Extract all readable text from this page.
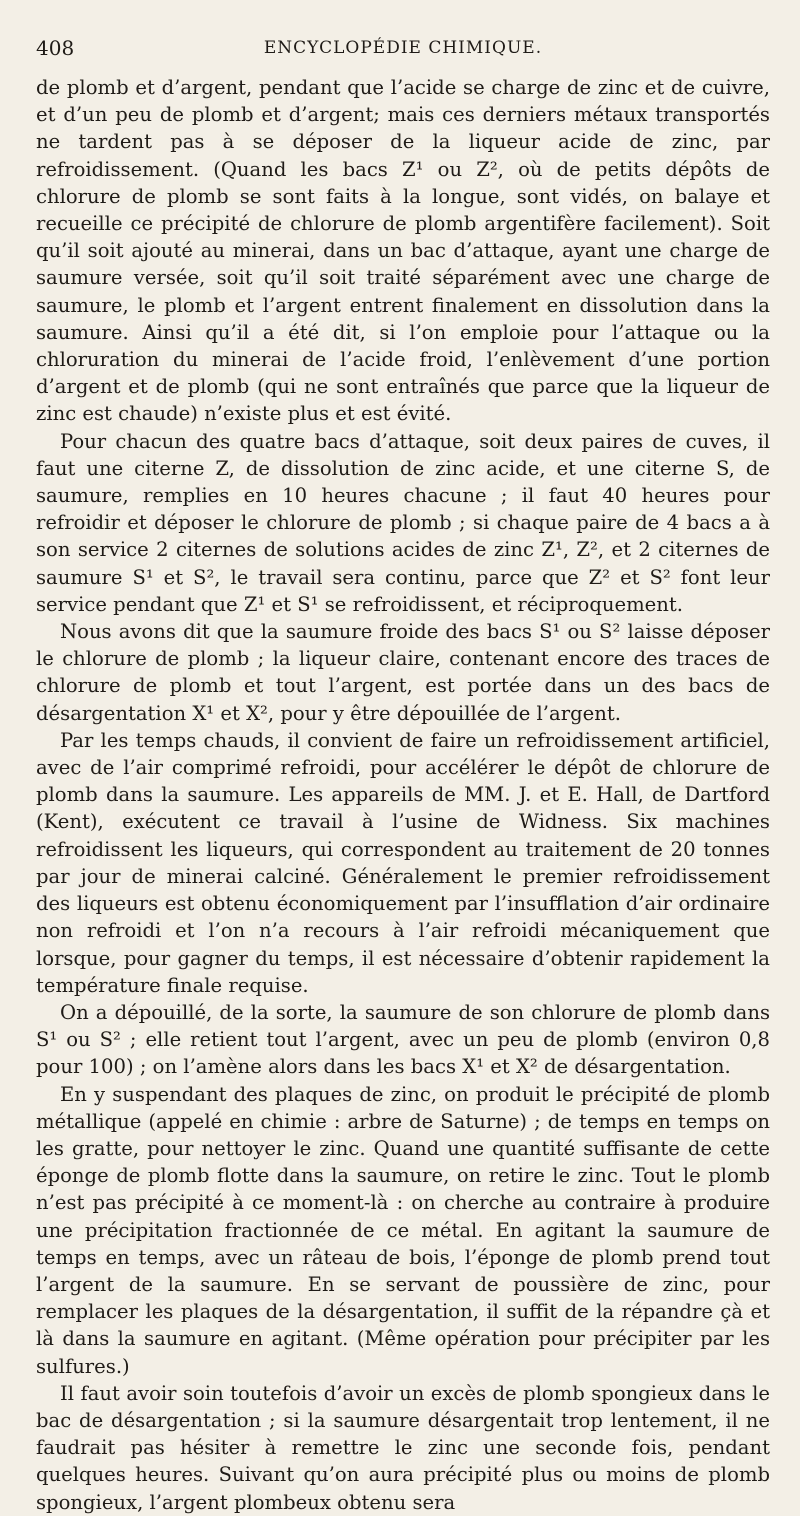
408	ENCYCLOPÉDIE CHIMIQUE.

de plomb et d’argent, pendant que l’acide se charge de zinc et de cuivre, et d’un peu de plomb et d’argent; mais ces derniers métaux transportés ne tardent pas à se déposer de la liqueur acide de zinc, par refroidissement. (Quand les bacs Z¹ ou Z², où de petits dépôts de chlorure de plomb se sont faits à la longue, sont vidés, on balaye et recueille ce précipité de chlorure de plomb argentifère facilement). Soit qu’il soit ajouté au minerai, dans un bac d’attaque, ayant une charge de saumure versée, soit qu’il soit traité séparément avec une charge de saumure, le plomb et l’argent entrent finalement en dissolution dans la saumure. Ainsi qu’il a été dit, si l’on emploie pour l’attaque ou la chloruration du minerai de l’acide froid, l’enlèvement d’une portion d’argent et de plomb (qui ne sont entraînés que parce que la liqueur de zinc est chaude) n’existe plus et est évité.

Pour chacun des quatre bacs d’attaque, soit deux paires de cuves, il faut une citerne Z, de dissolution de zinc acide, et une citerne S, de saumure, remplies en 10 heures chacune ; il faut 40 heures pour refroidir et déposer le chlorure de plomb ; si chaque paire de 4 bacs a à son service 2 citernes de solutions acides de zinc Z¹, Z², et 2 citernes de saumure S¹ et S², le travail sera continu, parce que Z² et S² font leur service pendant que Z¹ et S¹ se refroidissent, et réciproquement.

Nous avons dit que la saumure froide des bacs S¹ ou S² laisse déposer le chlorure de plomb ; la liqueur claire, contenant encore des traces de chlorure de plomb et tout l’argent, est portée dans un des bacs de désargentation X¹ et X², pour y être dépouillée de l’argent.

Par les temps chauds, il convient de faire un refroidissement artificiel, avec de l’air comprimé refroidi, pour accélérer le dépôt de chlorure de plomb dans la saumure. Les appareils de MM. J. et E. Hall, de Dartford (Kent), exécutent ce travail à l’usine de Widness. Six machines refroidissent les liqueurs, qui correspondent au traitement de 20 tonnes par jour de minerai calciné. Généralement le premier refroidissement des liqueurs est obtenu économiquement par l’insufflation d’air ordinaire non refroidi et l’on n’a recours à l’air refroidi mécaniquement que lorsque, pour gagner du temps, il est nécessaire d’obtenir rapidement la température finale requise.

On a dépouillé, de la sorte, la saumure de son chlorure de plomb dans S¹ ou S² ; elle retient tout l’argent, avec un peu de plomb (environ 0,8 pour 100) ; on l’amène alors dans les bacs X¹ et X² de désargentation.

En y suspendant des plaques de zinc, on produit le précipité de plomb métallique (appelé en chimie : arbre de Saturne) ; de temps en temps on les gratte, pour nettoyer le zinc. Quand une quantité suffisante de cette éponge de plomb flotte dans la saumure, on retire le zinc. Tout le plomb n’est pas précipité à ce moment-là : on cherche au contraire à produire une précipitation fractionnée de ce métal. En agitant la saumure de temps en temps, avec un râteau de bois, l’éponge de plomb prend tout l’argent de la saumure. En se servant de poussière de zinc, pour remplacer les plaques de la désargentation, il suffit de la répandre çà et là dans la saumure en agitant. (Même opération pour précipiter par les sulfures.)

Il faut avoir soin toutefois d’avoir un excès de plomb spongieux dans le bac de désargentation ; si la saumure désargentait trop lentement, il ne faudrait pas hésiter à remettre le zinc une seconde fois, pendant quelques heures. Suivant qu’on aura précipité plus ou moins de plomb spongieux, l’argent plombeux obtenu sera
